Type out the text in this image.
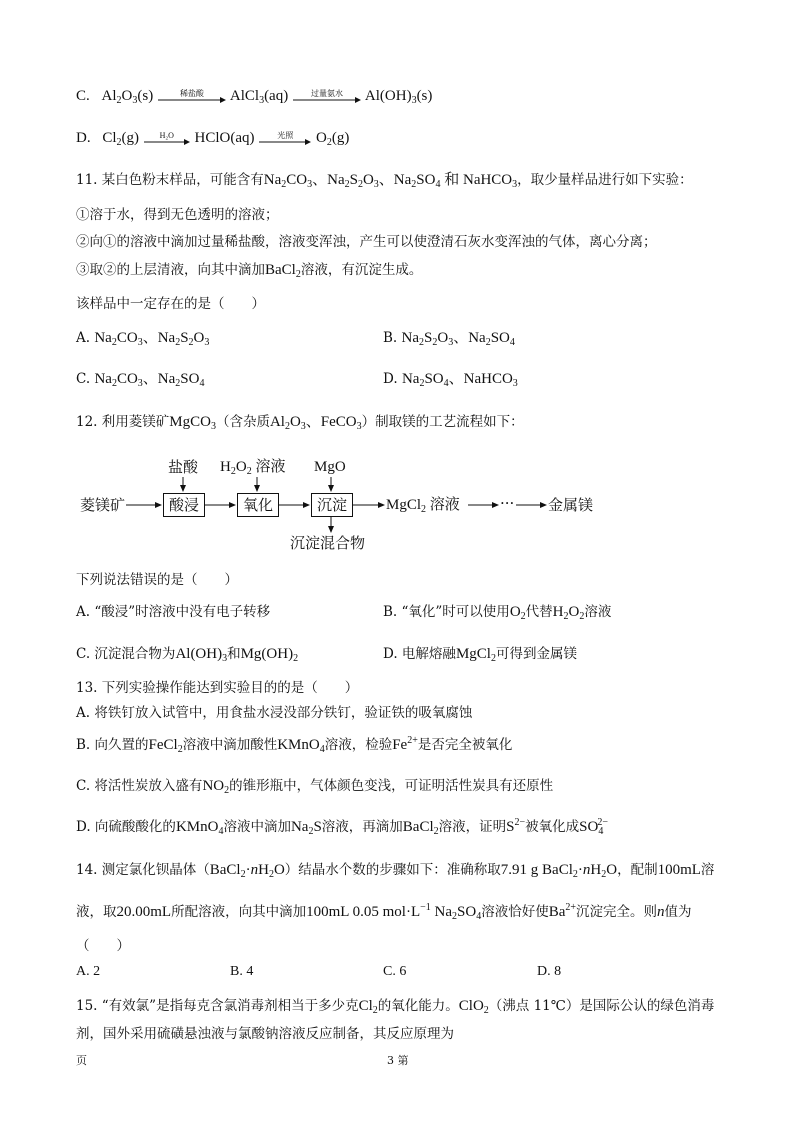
C. $Al_2O_3(s)$	稀盐酸	AlCl$_3$(aq)	过量氨水	$Al(OH)_3(s)$
D. $Cl_2(g)$	H₂O	HClO(aq)	光照	$O_2(g)$
11. 某白色粉末样品，可能含有$Na_2CO_3$、$Na_2S_2O_3$、$Na_2SO_4$ 和 NaHCO$_3$，取少量样品进行如下实验：
①溶于水，得到无色透明的溶液；
②向①的溶液中滴加过量稀盐酸，溶液变浑浊，产生可以使澄清石灰水变浑浊的气体，离心分离；
③取②的上层清液，向其中滴加BaCl$_2$溶液，有沉淀生成。
该样品中一定存在的是（　　）
A. $Na_2CO_3$、$Na_2S_2O_3$	B. $Na_2S_2O_3$、$Na_2SO_4$
C. $Na_2CO_3$、$Na_2SO_4$	D. $Na_2SO_4$、NaHCO$_3$
12. 利用菱镁矿MgCO$_3$（含杂质$Al_2O_3$、FeCO$_3$）制取镁的工艺流程如下：
盐酸 $H_2O_2$ 溶液 MgO
菱镁矿	酸浸	氧化	沉淀	MgCl$_2$ 溶液	··· 金属镁
沉淀混合物
下列说法错误的是（　　）
A. “酸浸”时溶液中没有电子转移	B. “氧化”时可以使用$O_2$代替$H_2O_2$溶液
C. 沉淀混合物为$Al(OH)_3$和$Mg(OH)_2$	D. 电解熔融MgCl$_2$可得到金属镁
13. 下列实验操作能达到实验目的的是（　　）
A. 将铁钉放入试管中，用食盐水浸没部分铁钉，验证铁的吸氧腐蚀
B. 向久置的FeCl$_2$溶液中滴加酸性KMnO$_4$溶液，检验$Fe^{2+}$是否完全被氧化
C. 将活性炭放入盛有$NO_2$的锥形瓶中，气体颜色变浅，可证明活性炭具有还原性
D. 向硫酸酸化的KMnO$_4$溶液中滴加$Na_2S$溶液，再滴加BaCl$_2$溶液，证明$S^{2-}$被氧化成$SO_4^{2-}$
14. 测定氯化钡晶体$(BaCl_2\cdot nH_2O)$结晶水个数的步骤如下：准确称取7.91 g $BaCl_2\cdot nH_2O$，配制100mL溶
液，取20.00mL所配溶液，向其中滴加100mL 0.05 $mol\cdot L^{-1}$ $Na_2SO_4$溶液恰好使$Ba^{2+}$沉淀完全。则n值为
（　　）
A. 2	B. 4	C. 6	D. 8
15. “有效氯”是指每克含氯消毒剂相当于多少克$Cl_2$的氧化能力。ClO$_2$（沸点 11℃）是国际公认的绿色消毒
剂，国外采用硫磺悬浊液与氯酸钠溶液反应制备，其反应原理为
页	3 第
